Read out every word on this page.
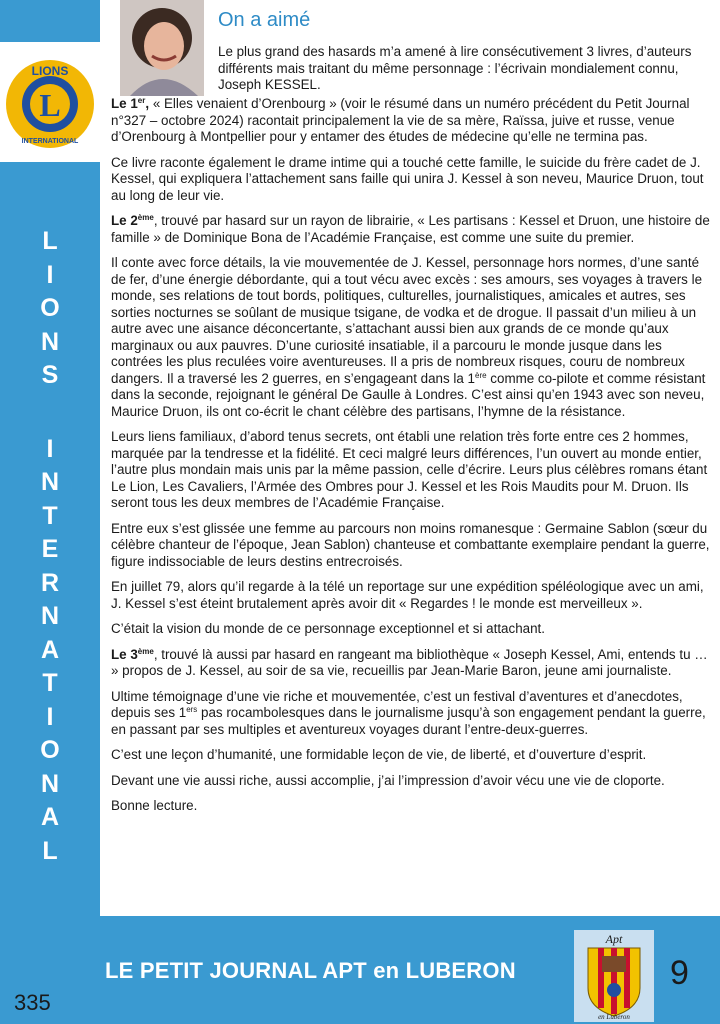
L
LIONS
INTERNATIONAL
L
I
O
N
S
I
N
T
E
R
N
A
T
I
O
N
A
L
On a aimé

Le plus grand des hasards m’a amené à lire consécutivement 3 livres, d’auteurs différents mais traitant du même personnage : l’écrivain mondialement connu, Joseph KESSEL.

Le 1er, « Elles venaient d’Orenbourg » (voir le résumé dans un numéro précédent du Petit Journal n°327 – octobre 2024) racontait principalement la vie de sa mère, Raïssa, juive et russe, venue d’Orenbourg à Montpellier pour y entamer des études de médecine qu’elle ne termina pas.

Ce livre raconte également le drame intime qui a touché cette famille, le suicide du frère cadet de J. Kessel, qui expliquera l’attachement sans faille qui unira J. Kessel à son neveu, Maurice Druon, tout au long de leur vie.

Le 2ème, trouvé par hasard sur un rayon de librairie, « Les partisans : Kessel et Druon, une histoire de famille » de Dominique Bona de l’Académie Française, est comme une suite du premier.

Il conte avec force détails, la vie mouvementée de J. Kessel, personnage hors normes, d’une santé de fer, d’une énergie débordante, qui a tout vécu avec excès : ses amours, ses voyages à travers le monde, ses relations de tout bords, politiques, culturelles, journalistiques, amicales et autres, ses sorties nocturnes se soûlant de musique tsigane, de vodka et de drogue. Il passait d’un milieu à un autre avec une aisance déconcertante, s’attachant aussi bien aux grands de ce monde qu’aux marginaux ou aux pauvres. D’une curiosité insatiable, il a parcouru le monde jusque dans les contrées les plus reculées voire aventureuses. Il a pris de nombreux risques, couru de nombreux dangers. Il a traversé les 2 guerres, en s’engageant dans la 1ère comme co-pilote et comme résistant dans la seconde, rejoignant le général De Gaulle à Londres. C’est ainsi qu’en 1943 avec son neveu, Maurice Druon, ils ont co-écrit le chant célèbre des partisans, l’hymne de la résistance.

Leurs liens familiaux, d’abord tenus secrets, ont établi une relation très forte entre ces 2 hommes, marquée par la tendresse et la fidélité. Et ceci malgré leurs différences, l’un ouvert au monde entier, l’autre plus mondain mais unis par la même passion, celle d’écrire. Leurs plus célèbres romans étant Le Lion, Les Cavaliers, l’Armée des Ombres pour J. Kessel et les Rois Maudits pour M. Druon. Ils seront tous les deux membres de l’Académie Française.

Entre eux s’est glissée une femme au parcours non moins romanesque : Germaine Sablon (sœur du célèbre chanteur de l’époque, Jean Sablon) chanteuse et combattante exemplaire pendant la guerre, figure indissociable de leurs destins entrecroisés.

En juillet 79, alors qu’il regarde à la télé un reportage sur une expédition spéléologique avec un ami, J. Kessel s’est éteint brutalement après avoir dit « Regardes ! le monde est merveilleux ».

C’était la vision du monde de ce personnage exceptionnel et si attachant.

Le 3ème, trouvé là aussi par hasard en rangeant ma bibliothèque « Joseph Kessel, Ami, entends tu … » propos de J. Kessel, au soir de sa vie, recueillis par Jean-Marie Baron, jeune ami journaliste.

Ultime témoignage d’une vie riche et mouvementée, c’est un festival d’aventures et d’anecdotes, depuis ses 1ers pas rocambolesques dans le journalisme jusqu’à son engagement pendant la guerre, en passant par ses multiples et aventureux voyages durant l’entre-deux-guerres.

C’est une leçon d’humanité, une formidable leçon de vie, de liberté, et d’ouverture d’esprit.

Devant une vie aussi riche, aussi accomplie, j’ai l’impression d’avoir vécu une vie de cloporte.

Bonne lecture.

LE PETIT JOURNAL APT en LUBERON	9
335
Apt
en Luberon
